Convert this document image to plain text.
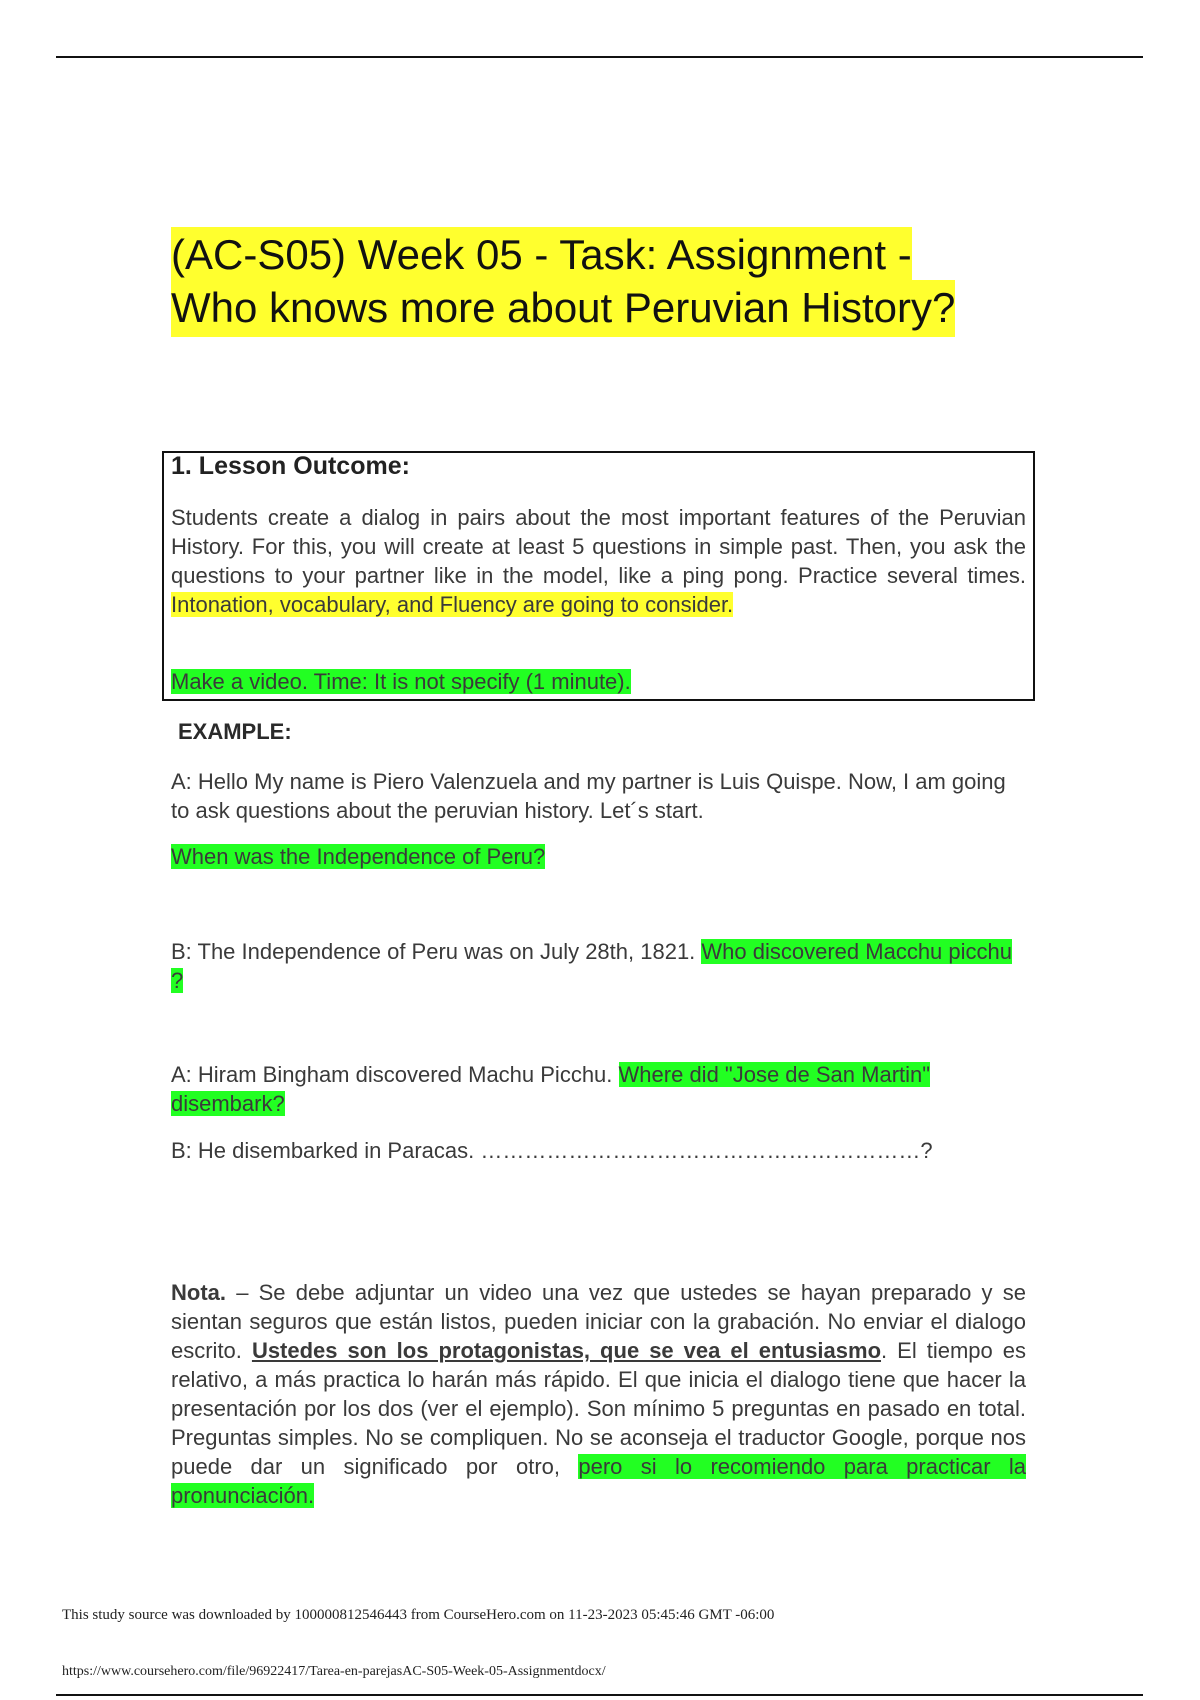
(AC-S05) Week 05 - Task: Assignment -
Who knows more about Peruvian History?
1. Lesson Outcome:

Students create a dialog in pairs about the most important features of the Peruvian History. For this, you will create at least 5 questions in simple past. Then, you ask the questions to your partner like in the model, like a ping pong. Practice several times. Intonation, vocabulary, and Fluency are going to consider.

Make a video. Time: It is not specify (1 minute).

EXAMPLE:

A: Hello My name is Piero Valenzuela and my partner is Luis Quispe. Now, I am going to ask questions about the peruvian history. Let´s start.

When was the Independence of Peru?

B: The Independence of Peru was on July 28th, 1821. Who discovered Macchu picchu ?

A: Hiram Bingham discovered Machu Picchu. Where did "Jose de San Martin" disembark?

B: He disembarked in Paracas. ……………………………………………………?

Nota. – Se debe adjuntar un video una vez que ustedes se hayan preparado y se sientan seguros que están listos, pueden iniciar con la grabación. No enviar el dialogo escrito. Ustedes son los protagonistas, que se vea el entusiasmo. El tiempo es relativo, a más practica lo harán más rápido. El que inicia el dialogo tiene que hacer la presentación por los dos (ver el ejemplo). Son mínimo 5 preguntas en pasado en total. Preguntas simples. No se compliquen. No se aconseja el traductor Google, porque nos puede dar un significado por otro, pero si lo recomiendo para practicar la pronunciación.

This study source was downloaded by 100000812546443 from CourseHero.com on 11-23-2023 05:45:46 GMT -06:00
https://www.coursehero.com/file/96922417/Tarea-en-parejasAC-S05-Week-05-Assignmentdocx/
